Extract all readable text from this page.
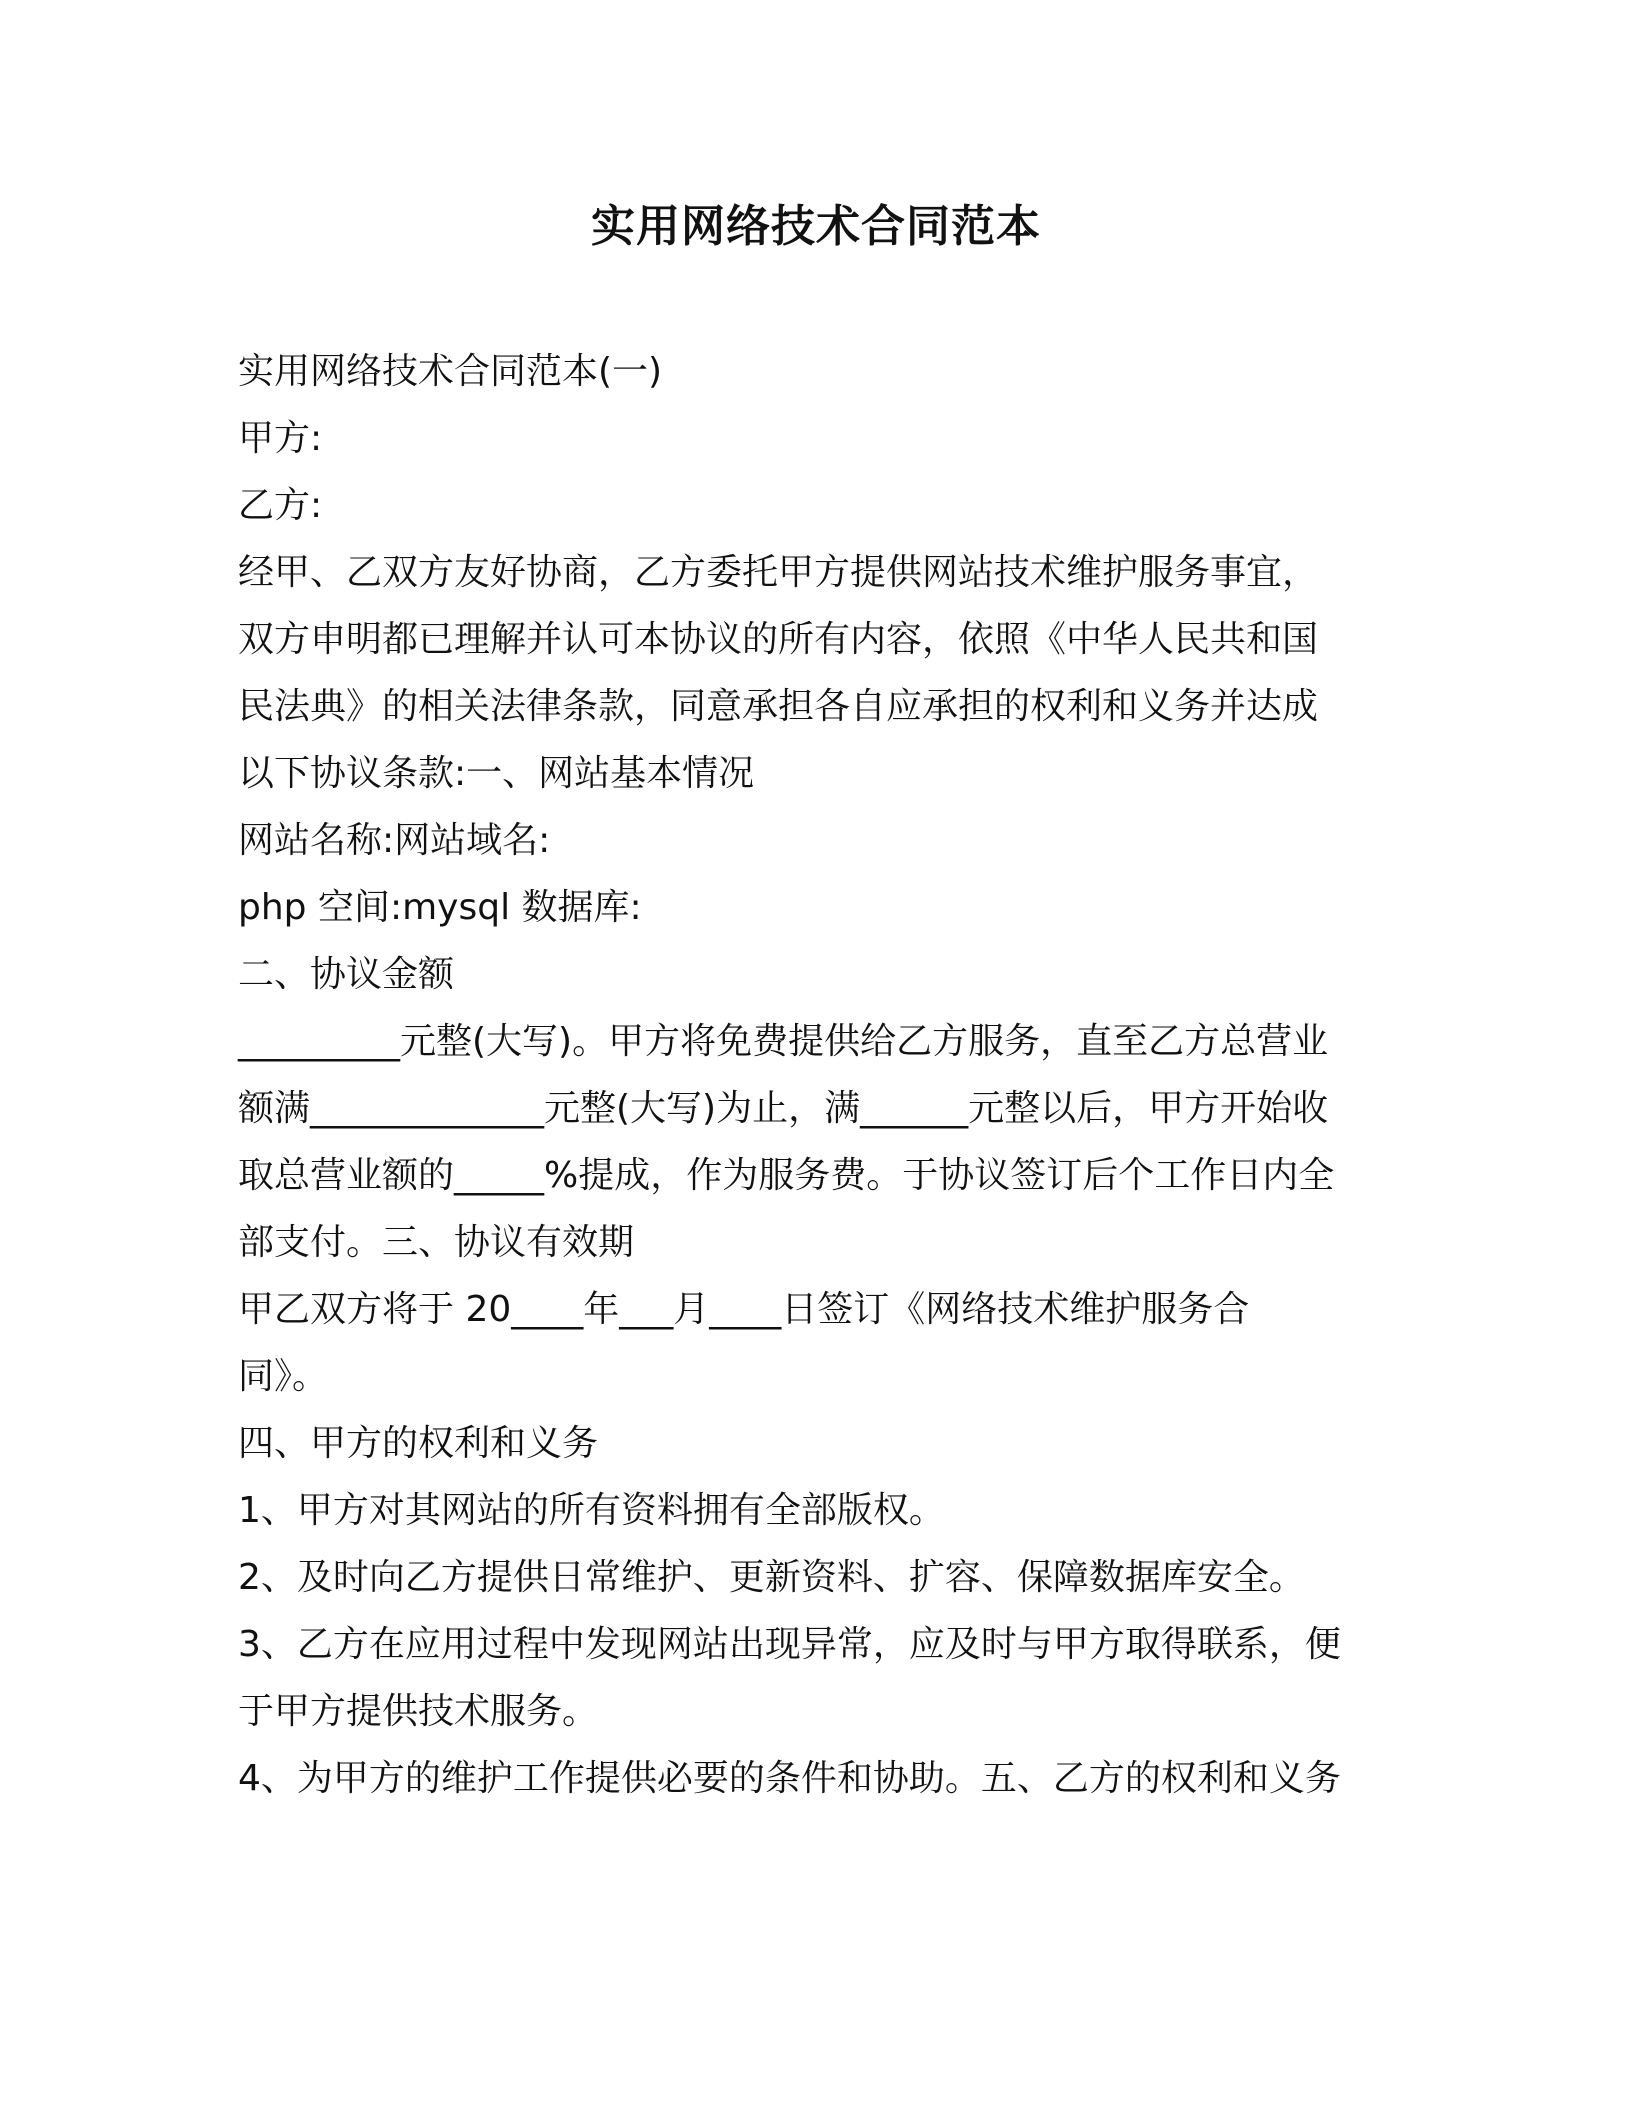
实用网络技术合同范本
实用网络技术合同范本(一)
甲方:
乙方:
经甲、乙双方友好协商，乙方委托甲方提供网站技术维护服务事宜，
双方申明都已理解并认可本协议的所有内容，依照《中华人民共和国
民法典》的相关法律条款，同意承担各自应承担的权利和义务并达成
以下协议条款:一、网站基本情况
网站名称:网站域名:
php 空间:mysql 数据库:
二、协议金额
_________元整(大写)。甲方将免费提供给乙方服务，直至乙方总营业
额满_____________元整(大写)为止，满______元整以后，甲方开始收
取总营业额的_____%提成，作为服务费。于协议签订后个工作日内全
部支付。三、协议有效期
甲乙双方将于 20____年___月____日签订《网络技术维护服务合
同》。
四、甲方的权利和义务
1、甲方对其网站的所有资料拥有全部版权。
2、及时向乙方提供日常维护、更新资料、扩容、保障数据库安全。
3、乙方在应用过程中发现网站出现异常，应及时与甲方取得联系，便
于甲方提供技术服务。
4、为甲方的维护工作提供必要的条件和协助。五、乙方的权利和义务
